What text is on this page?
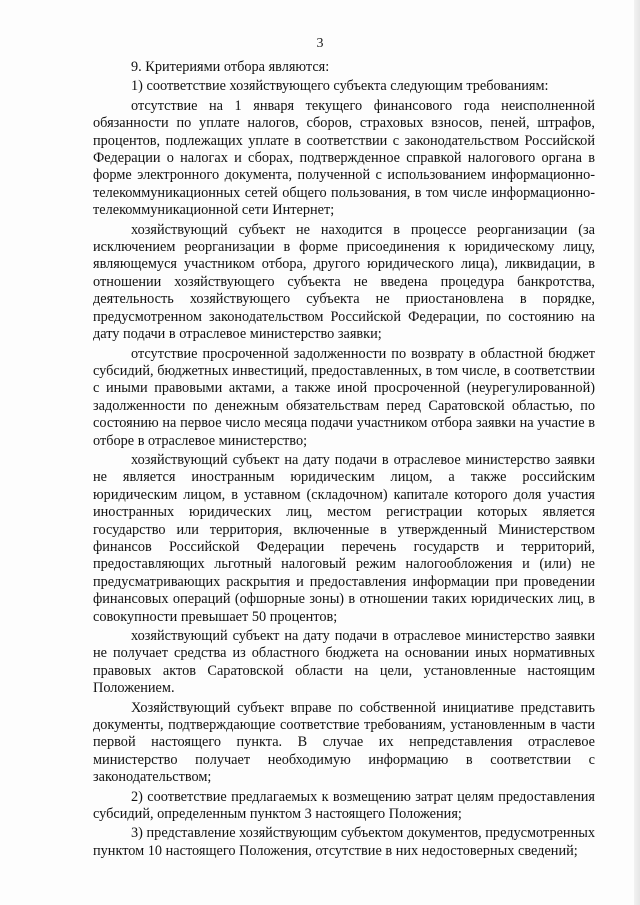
3

9. Критериями отбора являются:

1) соответствие хозяйствующего субъекта следующим требованиям:

отсутствие на 1 января текущего финансового года неисполненной обязанности по уплате налогов, сборов, страховых взносов, пеней, штрафов, процентов, подлежащих уплате в соответствии с законодательством Российской Федерации о налогах и сборах, подтвержденное справкой налогового органа в форме электронного документа, полученной с использованием информационно-телекоммуникационных сетей общего пользования, в том числе информационно-телекоммуникационной сети Интернет;

хозяйствующий субъект не находится в процессе реорганизации (за исключением реорганизации в форме присоединения к юридическому лицу, являющемуся участником отбора, другого юридического лица), ликвидации, в отношении хозяйствующего субъекта не введена процедура банкротства, деятельность хозяйствующего субъекта не приостановлена в порядке, предусмотренном законодательством Российской Федерации, по состоянию на дату подачи в отраслевое министерство заявки;

отсутствие просроченной задолженности по возврату в областной бюджет субсидий, бюджетных инвестиций, предоставленных, в том числе, в соответствии с иными правовыми актами, а также иной просроченной (неурегулированной) задолженности по денежным обязательствам перед Саратовской областью, по состоянию на первое число месяца подачи участником отбора заявки на участие в отборе в отраслевое министерство;

хозяйствующий субъект на дату подачи в отраслевое министерство заявки не является иностранным юридическим лицом, а также российским юридическим лицом, в уставном (складочном) капитале которого доля участия иностранных юридических лиц, местом регистрации которых является государство или территория, включенные в утвержденный Министерством финансов Российской Федерации перечень государств и территорий, предоставляющих льготный налоговый режим налогообложения и (или) не предусматривающих раскрытия и предоставления информации при проведении финансовых операций (офшорные зоны) в отношении таких юридических лиц, в совокупности превышает 50 процентов;

хозяйствующий субъект на дату подачи в отраслевое министерство заявки не получает средства из областного бюджета на основании иных нормативных правовых актов Саратовской области на цели, установленные настоящим Положением.

Хозяйствующий субъект вправе по собственной инициативе представить документы, подтверждающие соответствие требованиям, установленным в части первой настоящего пункта. В случае их непредставления отраслевое министерство получает необходимую информацию в соответствии с законодательством;

2) соответствие предлагаемых к возмещению затрат целям предоставления субсидий, определенным пунктом 3 настоящего Положения;

3) представление хозяйствующим субъектом документов, предусмотренных пунктом 10 настоящего Положения, отсутствие в них недостоверных сведений;
